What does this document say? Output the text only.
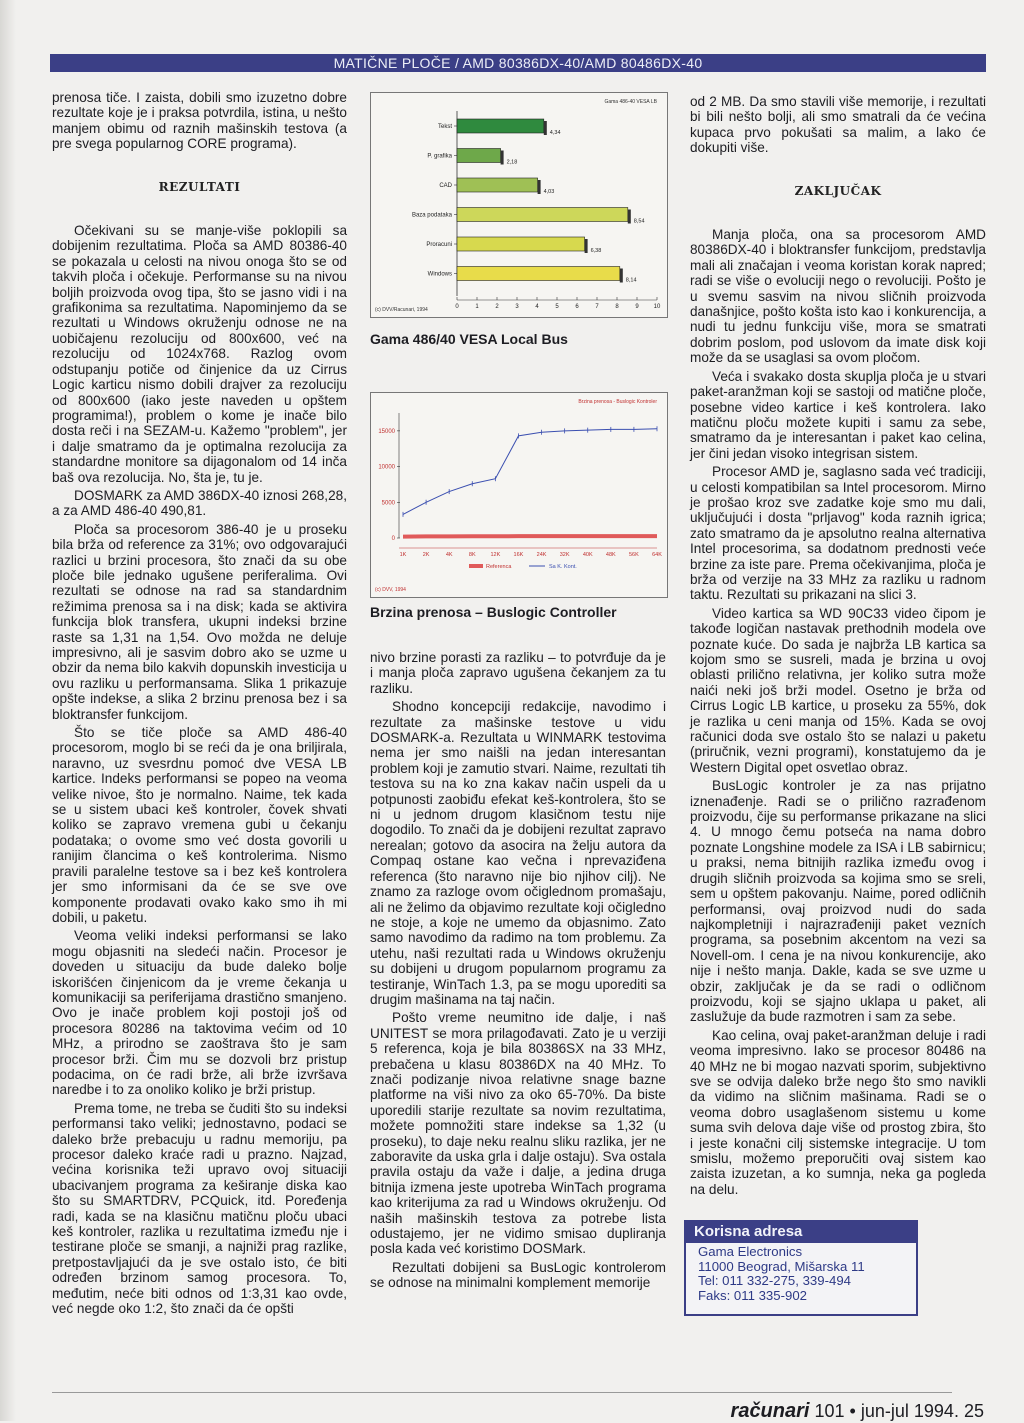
MATIČNE PLOČE / AMD 80386DX-40/AMD 80486DX-40

prenosa tiče. I zaista, dobili smo izuzetno dobre rezultate koje je i praksa potvrdila, istina, u nešto manjem obimu od raznih mašinskih testova (a pre svega popularnog CORE programa).

REZULTATI

Očekivani su se manje-više poklopili sa dobijenim rezultatima. Ploča sa AMD 80386-40 se pokazala u celosti na nivou onoga što se od takvih ploča i očekuje. Performanse su na nivou boljih proizvoda ovog tipa, što se jasno vidi i na grafikonima sa rezultatima. Napominjemo da se rezultati u Windows okruženju odnose ne na uobičajenu rezoluciju od 800x600, već na rezoluciju od 1024x768. Razlog ovom odstupanju potiče od činjenice da uz Cirrus Logic karticu nismo dobili drajver za rezoluciju od 800x600 (iako jeste naveden u opštem programima!), problem o kome je inače bilo dosta reči i na SEZAM-u. Kažemo "problem", jer i dalje smatramo da je optimalna rezolucija za standardne monitore sa dijagonalom od 14 inča baš ova rezolucija. No, šta je, tu je.

DOSMARK za AMD 386DX-40 iznosi 268,28, a za AMD 486-40 490,81.

Ploča sa procesorom 386-40 je u proseku bila brža od reference za 31%; ovo odgovarajući razlici u brzini procesora, što znači da su obe ploče bile jednako ugušene periferalima. Ovi rezultati se odnose na rad sa standardnim režimima prenosa sa i na disk; kada se aktivira funkcija blok transfera, ukupni indeksi brzine raste sa 1,31 na 1,54. Ovo možda ne deluje impresivno, ali je sasvim dobro ako se uzme u obzir da nema bilo kakvih dopunskih investicija u ovu razliku u performansama. Slika 1 prikazuje opšte indekse, a slika 2 brzinu prenosa bez i sa bloktransfer funkcijom.

Što se tiče ploče sa AMD 486-40 procesorom, moglo bi se reći da je ona briljirala, naravno, uz svesrdnu pomoć dve VESA LB kartice. Indeks performansi se popeo na veoma velike nivoe, što je normalno. Naime, tek kada se u sistem ubaci keš kontroler, čovek shvati koliko se zapravo vremena gubi u čekanju podataka; o ovome smo već dosta govorili u ranijim člancima o keš kontrolerima. Nismo pravili paralelne testove sa i bez keš kontrolera jer smo informisani da će se sve ove komponente prodavati ovako kako smo ih mi dobili, u paketu.

Veoma veliki indeksi performansi se lako mogu objasniti na sledeći način. Procesor je doveden u situaciju da bude daleko bolje iskorišćen činjenicom da je vreme čekanja u komunikaciji sa periferijama drastično smanjeno. Ovo je inače problem koji postoji još od procesora 80286 na taktovima većim od 10 MHz, a prirodno se zaoštrava što je sam procesor brži. Čim mu se dozvoli brz pristup podacima, on će radi brže, ali brže izvršava naredbe i to za onoliko koliko je brži pristup.

Prema tome, ne treba se čuditi što su indeksi performansi tako veliki; jednostavno, podaci se daleko brže prebacuju u radnu memoriju, pa procesor daleko kraće radi u prazno. Najzad, većina korisnika teži upravo ovoj situaciji ubacivanjem programa za keširanje diska kao što su SMARTDRV, PCQuick, itd. Poređenja radi, kada se na klasičnu matičnu ploču ubaci keš kontroler, razlika u rezultatima između nje i testirane ploče se smanji, a najniži prag razlike, pretpostavljajući da je sve ostalo isto, će biti određen brzinom samog procesora. To, međutim, neće biti odnos od 1:3,31 kao ovde, već negde oko 1:2, što znači da će opšti

Gama 486-40 VESA LB
Tekst
4,34
P. grafika
2,18
CAD
4,03
Baza podataka
8,54
Proracuni
6,38
Windows
8,14
0	1	2	3	4	5	6	7	8	9 10
(c) DVV/Racunari, 1994
Gama 486/40 VESA Local Bus
Brzina prenosa - Buslogic Kontroler
0
5000
10000
15000
1K	2K	4K	8K	12K 16K 24K 32K 40K 48K 56K 64K
Referenca	Sa K. Kont.
(c) DVV, 1994
Brzina prenosa – Buslogic Controller

nivo brzine porasti za razliku – to potvrđuje da je i manja ploča zapravo ugušena čekanjem za tu razliku.

Shodno koncepciji redakcije, navodimo i rezultate za mašinske testove u vidu DOSMARK-a. Rezultata u WINMARK testovima nema jer smo naišli na jedan interesantan problem koji je zamutio stvari. Naime, rezultati tih testova su na ko zna kakav način uspeli da u potpunosti zaobiđu efekat keš-kontrolera, što se ni u jednom drugom klasičnom testu nije dogodilo. To znači da je dobijeni rezultat zapravo nerealan; gotovo da asocira na želju autora da Compaq ostane kao večna i nprevaziđena referenca (što naravno nije bio njihov cilj). Ne znamo za razloge ovom očiglednom promašaju, ali ne želimo da objavimo rezultate koji očigledno ne stoje, a koje ne umemo da objasnimo. Zato samo navodimo da radimo na tom problemu. Za utehu, naši rezultati rada u Windows okruženju su dobijeni u drugom popularnom programu za testiranje, WinTach 1.3, pa se mogu uporediti sa drugim mašinama na taj način.

Pošto vreme neumitno ide dalje, i naš UNITEST se mora prilagođavati. Zato je u verziji 5 referenca, koja je bila 80386SX na 33 MHz, prebačena u klasu 80386DX na 40 MHz. To znači podizanje nivoa relativne snage bazne platforme na viši nivo za oko 65-70%. Da biste uporedili starije rezultate sa novim rezultatima, možete pomnožiti stare indekse sa 1,32 (u proseku), to daje neku realnu sliku razlika, jer ne zaboravite da uska grla i dalje ostaju). Sva ostala pravila ostaju da važe i dalje, a jedina druga bitnija izmena jeste upotreba WinTach programa kao kriterijuma za rad u Windows okruženju. Od naših mašinskih testova za potrebe lista odustajemo, jer ne vidimo smisao dupliranja posla kada već koristimo DOSMark.

Rezultati dobijeni sa BusLogic kontrolerom se odnose na minimalni komplement memorije

od 2 MB. Da smo stavili više memorije, i rezultati bi bili nešto bolji, ali smo smatrali da će većina kupaca prvo pokušati sa malim, a lako će dokupiti više.

ZAKLJUČAK

Manja ploča, ona sa procesorom AMD 80386DX-40 i bloktransfer funkcijom, predstavlja mali ali značajan i veoma koristan korak napred; radi se više o evoluciji nego o revoluciji. Pošto je u svemu sasvim na nivou sličnih proizvoda današnjice, pošto košta isto kao i konkurencija, a nudi tu jednu funkciju više, mora se smatrati dobrim poslom, pod uslovom da imate disk koji može da se usaglasi sa ovom pločom.

Veća i svakako dosta skuplja ploča je u stvari paket-aranžman koji se sastoji od matične ploče, posebne video kartice i keš kontrolera. Iako matičnu ploču možete kupiti i samu za sebe, smatramo da je interesantan i paket kao celina, jer čini jedan visoko integrisan sistem.

Procesor AMD je, saglasno sada već tradiciji, u celosti kompatibilan sa Intel procesorom. Mirno je prošao kroz sve zadatke koje smo mu dali, uključujući i dosta "prljavog" koda raznih igrica; zato smatramo da je apsolutno realna alternativa Intel procesorima, sa dodatnom prednosti veće brzine za iste pare. Prema očekivanjima, ploča je brža od verzije na 33 MHz za razliku u radnom taktu. Rezultati su prikazani na slici 3.

Video kartica sa WD 90C33 video čipom je takođe logičan nastavak prethodnih modela ove poznate kuće. Do sada je najbrža LB kartica sa kojom smo se susreli, mada je brzina u ovoj oblasti prilično relativna, jer koliko sutra može naići neki još brži model. Osetno je brža od Cirrus Logic LB kartice, u proseku za 55%, dok je razlika u ceni manja od 15%. Kada se ovoj računici doda sve ostalo što se nalazi u paketu (priručnik, vezni programi), konstatujemo da je Western Digital opet osvetlao obraz.

BusLogic kontroler je za nas prijatno iznenađenje. Radi se o prilično razrađenom proizvodu, čije su performanse prikazane na slici 4. U mnogo čemu potseća na nama dobro poznate Longshine modele za ISA i LB sabirnicu; u praksi, nema bitnijih razlika između ovog i drugih sličnih proizvoda sa kojima smo se sreli, sem u opštem pakovanju. Naime, pored odličnih performansi, ovaj proizvod nudi do sada najkompletniji i najrazrađeniji paket vezních programa, sa posebnim akcentom na vezi sa Novell-om. I cena je na nivou konkurencije, ako nije i nešto manja. Dakle, kada se sve uzme u obzir, zaključak je da se radi o odličnom proizvodu, koji se sjajno uklapa u paket, ali zaslužuje da bude razmotren i sam za sebe.

Kao celina, ovaj paket-aranžman deluje i radi veoma impresivno. Iako se procesor 80486 na 40 MHz ne bi mogao nazvati sporim, subjektivno sve se odvija daleko brže nego što smo navikli da vidimo na sličnim mašinama. Radi se o veoma dobro usaglašenom sistemu u kome suma svih delova daje više od prostog zbira, što i jeste konačni cilj sistemske integracije. U tom smislu, možemo preporučiti ovaj sistem kao zaista izuzetan, a ko sumnja, neka ga pogleda na delu.

Korisna adresa
Gama Electronics
11000 Beograd, Mišarska 11
Tel: 011 332-275, 339-494
Faks: 011 335-902
računari 101 • jun-jul 1994. 25
